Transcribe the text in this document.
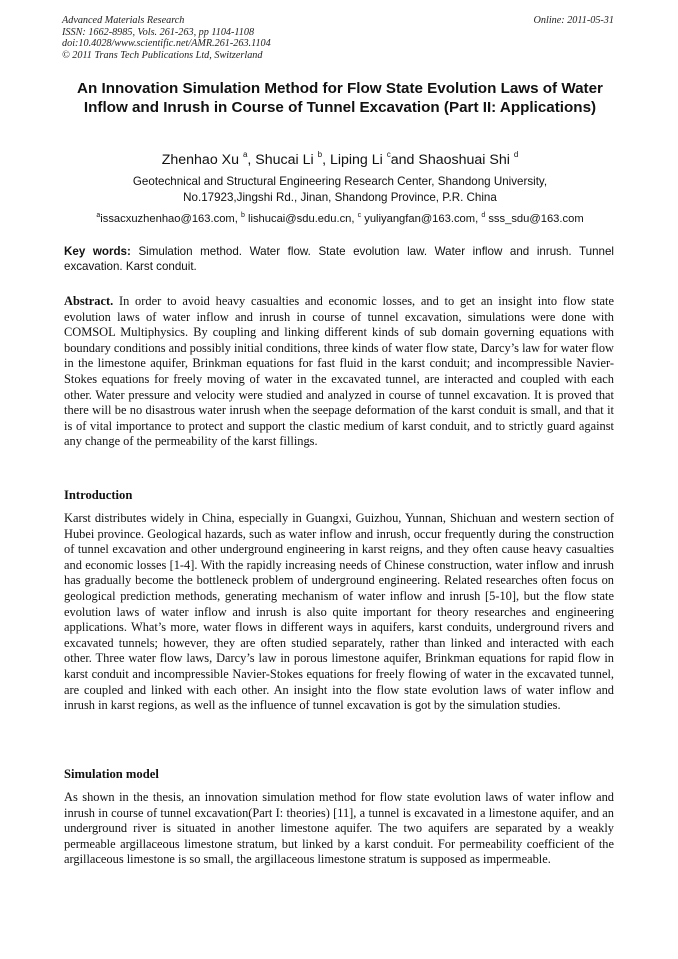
Advanced Materials Research
ISSN: 1662-8985, Vols. 261-263, pp 1104-1108
doi:10.4028/www.scientific.net/AMR.261-263.1104
© 2011 Trans Tech Publications Ltd, Switzerland
Online: 2011-05-31
An Innovation Simulation Method for Flow State Evolution Laws of Water Inflow and Inrush in Course of Tunnel Excavation (Part II: Applications)
Zhenhao Xu $^a$, Shucai Li $^b$, Liping Li $^c$and Shaoshuai Shi $^d$
Geotechnical and Structural Engineering Research Center, Shandong University,
No.17923,Jingshi Rd., Jinan, Shandong Province, P.R. China
$^a$issacxuzhenhao@163.com, $^b$ lishucai@sdu.edu.cn, $^c$ yuliyangfan@163.com, $^d$ sss_sdu@163.com
Key words: Simulation method. Water flow. State evolution law. Water inflow and inrush. Tunnel excavation. Karst conduit.
Abstract. In order to avoid heavy casualties and economic losses, and to get an insight into flow state evolution laws of water inflow and inrush in course of tunnel excavation, simulations were done with COMSOL Multiphysics. By coupling and linking different kinds of sub domain governing equations with boundary conditions and possibly initial conditions, three kinds of water flow state, Darcy’s law for water flow in the limestone aquifer, Brinkman equations for fast fluid in the karst conduit; and incompressible Navier-Stokes equations for freely moving of water in the excavated tunnel, are interacted and coupled with each other. Water pressure and velocity were studied and analyzed in course of tunnel excavation. It is proved that there will be no disastrous water inrush when the seepage deformation of the karst conduit is small, and that it is of vital importance to protect and support the clastic medium of karst conduit, and to strictly guard against any change of the permeability of the karst fillings.
Introduction
Karst distributes widely in China, especially in Guangxi, Guizhou, Yunnan, Shichuan and western section of Hubei province. Geological hazards, such as water inflow and inrush, occur frequently during the construction of tunnel excavation and other underground engineering in karst reigns, and they often cause heavy casualties and economic losses [1-4]. With the rapidly increasing needs of Chinese construction, water inflow and inrush has gradually become the bottleneck problem of underground engineering. Related researches often focus on geological prediction methods, generating mechanism of water inflow and inrush [5-10], but the flow state evolution laws of water inflow and inrush is also quite important for theory researches and engineering applications. What’s more, water flows in different ways in aquifers, karst conduits, underground rivers and excavated tunnels; however, they are often studied separately, rather than linked and interacted with each other. Three water flow laws, Darcy’s law in porous limestone aquifer, Brinkman equations for rapid flow in karst conduit and incompressible Navier-Stokes equations for freely flowing of water in the excavated tunnel, are coupled and linked with each other. An insight into the flow state evolution laws of water inflow and inrush in karst regions, as well as the influence of tunnel excavation is got by the simulation studies.
Simulation model
As shown in the thesis, an innovation simulation method for flow state evolution laws of water inflow and inrush in course of tunnel excavation(Part I: theories) [11], a tunnel is excavated in a limestone aquifer, and an underground river is situated in another limestone aquifer. The two aquifers are separated by a weakly permeable argillaceous limestone stratum, but linked by a karst conduit. For permeability coefficient of the argillaceous limestone is so small, the argillaceous limestone stratum is supposed as impermeable.
